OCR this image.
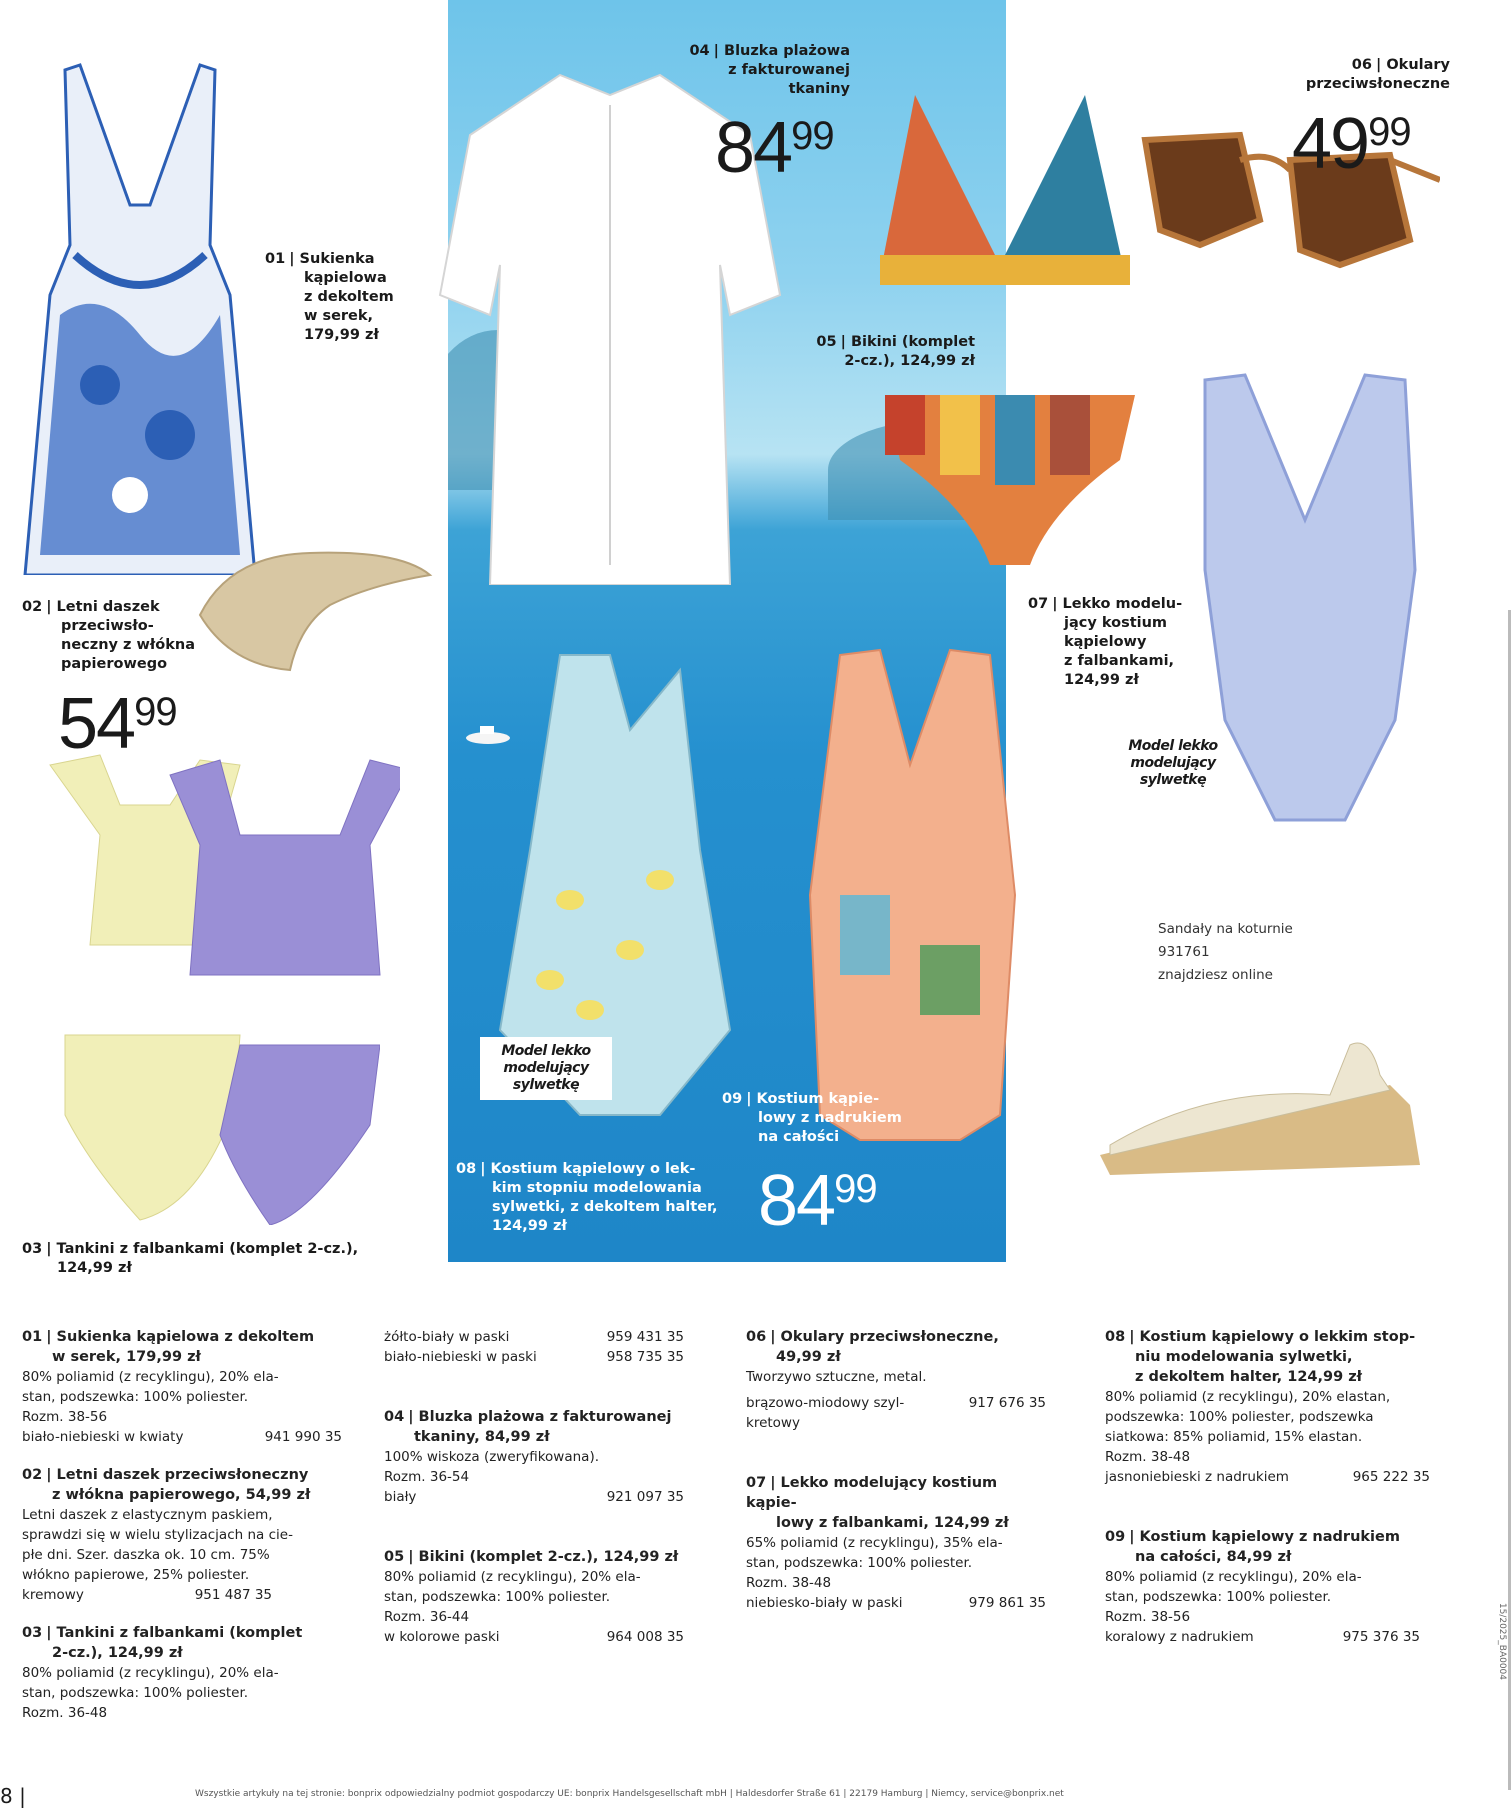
01 | Sukienka
kąpielowa
z dekoltem
w serek,
179,99 zł
02 | Letni daszek
przeciwsło-
neczny z włókna
papierowego
5499
03 | Tankini z falbankami (komplet 2-cz.),
124,99 zł
04 | Bluzka plażowa
z fakturowanej
tkaniny
8499
05 | Bikini (komplet
2-cz.), 124,99 zł
06 | Okulary
przeciwsłoneczne
4999
07 | Lekko modelu-
jący kostium
kąpielowy
z falbankami,
124,99 zł
Model lekko
modelujący
sylwetkę
Model lekko
modelujący
sylwetkę
08 | Kostium kąpielowy o lek-
kim stopniu modelowania
sylwetki, z dekoltem halter,
124,99 zł
09 | Kostium kąpie-
lowy z nadrukiem
na całości
8499
Sandały na koturnie
931761
znajdziesz online
01 | Sukienka kąpielowa z dekoltem
w serek, 179,99 zł
80% poliamid (z recyklingu), 20% ela-
stan, podszewka: 100% poliester.
Rozm. 38-56
biało-niebieski w kwiaty	941 990 35
02 | Letni daszek przeciwsłoneczny
z włókna papierowego, 54,99 zł
Letni daszek z elastycznym paskiem,
sprawdzi się w wielu stylizacjach na cie-
płe dni. Szer. daszka ok. 10 cm. 75%
włókno papierowe, 25% poliester.
kremowy	951 487 35
03 | Tankini z falbankami (komplet
2-cz.), 124,99 zł
80% poliamid (z recyklingu), 20% ela-
stan, podszewka: 100% poliester.
Rozm. 36-48
żółto-biały w paski	959 431 35
biało-niebieski w paski	958 735 35
04 | Bluzka plażowa z fakturowanej
tkaniny, 84,99 zł
100% wiskoza (zweryfikowana).
Rozm. 36-54
biały	921 097 35
05 | Bikini (komplet 2-cz.), 124,99 zł
80% poliamid (z recyklingu), 20% ela-
stan, podszewka: 100% poliester.
Rozm. 36-44
w kolorowe paski	964 008 35
06 | Okulary przeciwsłoneczne,
49,99 zł
Tworzywo sztuczne, metal.
brązowo-miodowy szyl-	917 676 35
kretowy
07 | Lekko modelujący kostium kąpie-
lowy z falbankami, 124,99 zł
65% poliamid (z recyklingu), 35% ela-
stan, podszewka: 100% poliester.
Rozm. 38-48
niebiesko-biały w paski	979 861 35
08 | Kostium kąpielowy o lekkim stop-
niu modelowania sylwetki,
z dekoltem halter, 124,99 zł
80% poliamid (z recyklingu), 20% elastan,
podszewka: 100% poliester, podszewka
siatkowa: 85% poliamid, 15% elastan.
Rozm. 38-48
jasnoniebieski z nadrukiem	965 222 35
09 | Kostium kąpielowy z nadrukiem
na całości, 84,99 zł
80% poliamid (z recyklingu), 20% ela-
stan, podszewka: 100% poliester.
Rozm. 38-56
koralowy z nadrukiem	975 376 35	15/2025_BA0004
8 |	Wszystkie artykuły na tej stronie: bonprix odpowiedzialny podmiot gospodarczy UE: bonprix Handelsgesellschaft mbH | Haldesdorfer Straße 61 | 22179 Hamburg | Niemcy, service@bonprix.net
